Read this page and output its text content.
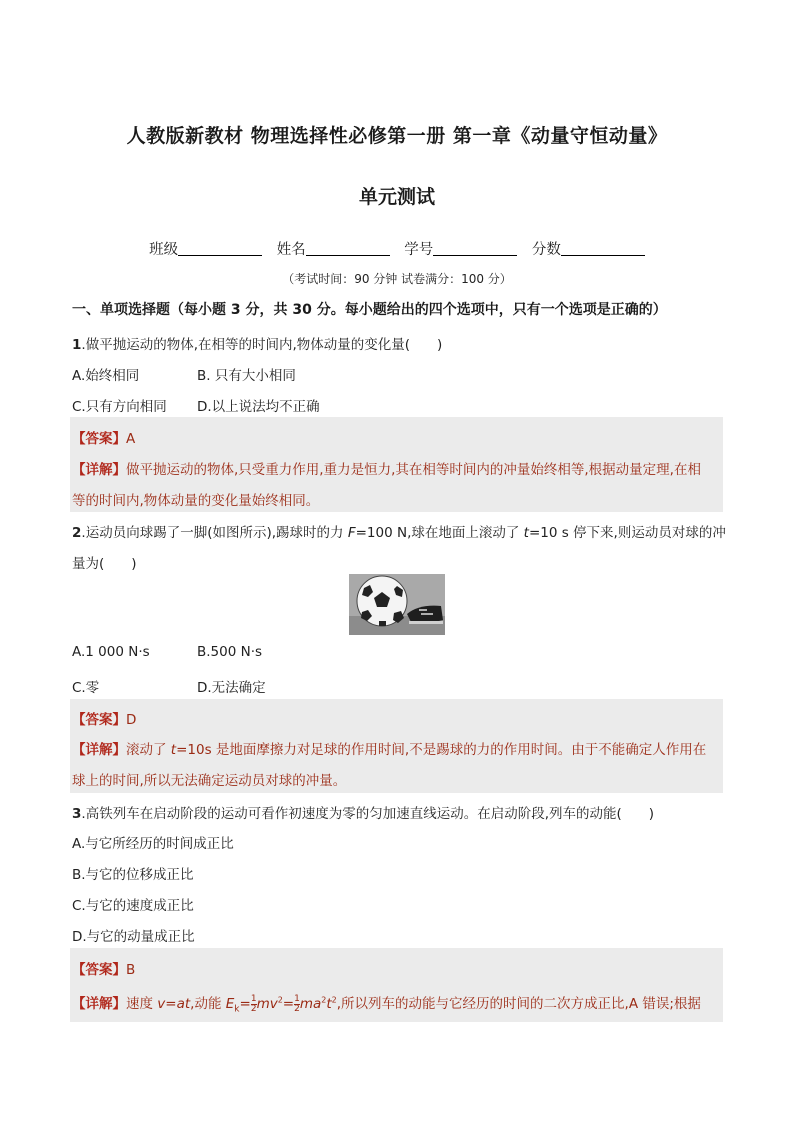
人教版新教材 物理选择性必修第一册 第一章《动量守恒动量》
单元测试
班级	姓名	学号	分数
（考试时间：90 分钟 试卷满分：100 分）
一、单项选择题（每小题 3 分，共 30 分。每小题给出的四个选项中，只有一个选项是正确的）
1.做平抛运动的物体,在相等的时间内,物体动量的变化量(　　)
A.始终相同	B. 只有大小相同
C.只有方向相同 D.以上说法均不正确
【答案】A
【详解】做平抛运动的物体,只受重力作用,重力是恒力,其在相等时间内的冲量始终相等,根据动量定理,在相
等的时间内,物体动量的变化量始终相同。
2.运动员向球踢了一脚(如图所示),踢球时的力 F=100 N,球在地面上滚动了 t=10 s 停下来,则运动员对球的冲
量为(　　)
A.1 000 N·s	B.500 N·s
C.零	D.无法确定
【答案】D
【详解】滚动了 t=10s 是地面摩擦力对足球的作用时间,不是踢球的力的作用时间。由于不能确定人作用在
球上的时间,所以无法确定运动员对球的冲量。
3.高铁列车在启动阶段的运动可看作初速度为零的匀加速直线运动。在启动阶段,列车的动能(　　)
A.与它所经历的时间成正比
B.与它的位移成正比
C.与它的速度成正比
D.与它的动量成正比
【答案】B
【详解】速度 v=at,动能 $E_k= \frac{1}{2} mv^2= \frac{1}{2} ma^2t^2$,所以列车的动能与它经历的时间的二次方成正比,A 错误;根据
